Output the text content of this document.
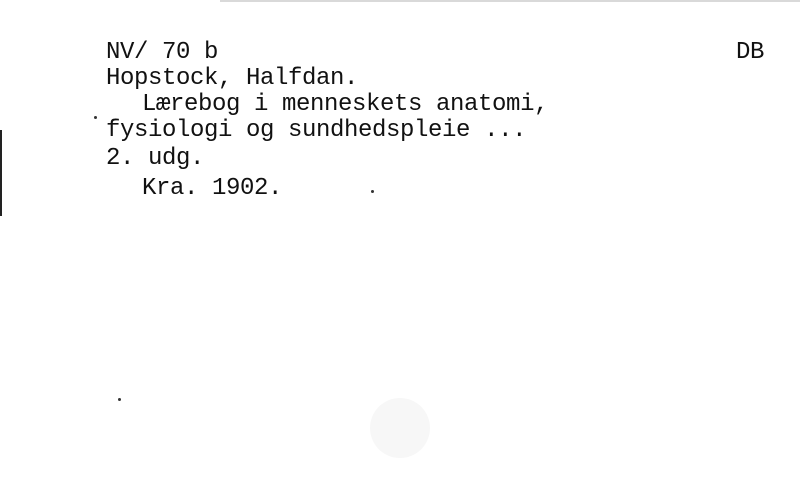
NV/ 70 b	DB
Hopstock, Halfdan.
Lærebog i menneskets anatomi,
fysiologi og sundhedspleie ...
2. udg.
Kra. 1902.
